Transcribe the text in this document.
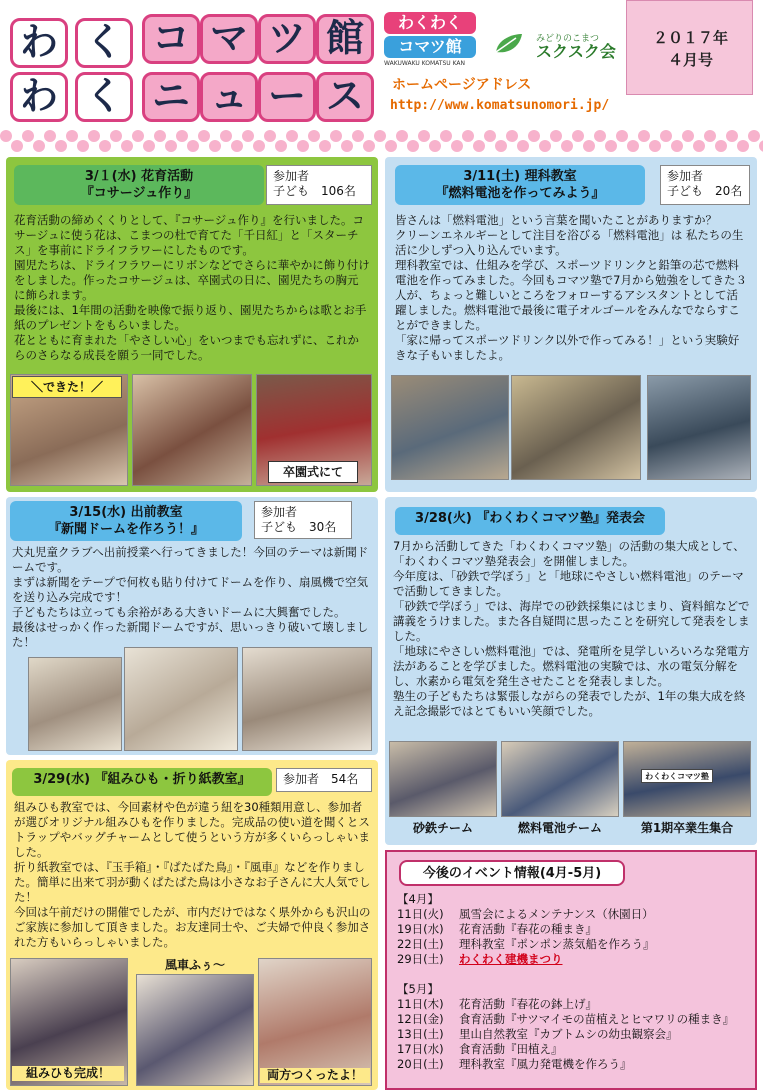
わ く コ マ ツ 館
わ く ニ ュ ー ス
わくわく
コマツ館
WAKUWAKU KOMATSU KAN
みどりのこまつ
スクスク会
ホームページアドレス
http://www.komatsunomori.jp/
２０１７年
４月号
3/１(水) 花育活動
『コサージュ作り』
参加者
子ども　106名
花育活動の締めくくりとして、『コサージュ作り』を行いました。コサージュに使う花は、こまつの杜で育てた「千日紅」と「スターチス」を事前にドライフラワーにしたものです。
園児たちは、ドライフラワーにリボンなどでさらに華やかに飾り付けをしました。作ったコサージュは、卒園式の日に、園児たちの胸元に飾られます。
最後には、1年間の活動を映像で振り返り、園児たちからは歌とお手紙のプレゼントをもらいました。
花とともに育まれた「やさしい心」をいつまでも忘れずに、これからのさらなる成長を願う一同でした。
＼できた！／
卒園式にて
3/11(土) 理科教室
『燃料電池を作ってみよう』
参加者
子ども　20名
皆さんは「燃料電池」という言葉を聞いたことがありますか？
クリーンエネルギーとして注目を浴びる「燃料電池」は 私たちの生活に少しずつ入り込んでいます。
理科教室では、仕組みを学び、スポーツドリンクと鉛筆の芯で燃料電池を作ってみました。今回もコマツ塾で7月から勉強をしてきた３人が、ちょっと難しいところをフォローするアシスタントとして活躍しました。燃料電池で最後に電子オルゴールをみんなでならすことができました。
「家に帰ってスポーツドリンク以外で作ってみる！」という実験好きな子もいましたよ。
3/15(水) 出前教室
『新聞ドームを作ろう！』
参加者
子ども　30名
犬丸児童クラブへ出前授業へ行ってきました！今回のテーマは新聞ドームです。
まずは新聞をテープで何枚も貼り付けてドームを作り、扇風機で空気を送り込み完成です！
子どもたちは立っても余裕がある大きいドームに大興奮でした。
最後はせっかく作った新聞ドームですが、思いっきり破いて壊しました！
3/28(火) 『わくわくコマツ塾』発表会
7月から活動してきた「わくわくコマツ塾」の活動の集大成として、「わくわくコマツ塾発表会」を開催しました。
今年度は、「砂鉄で学ぼう」と「地球にやさしい燃料電池」のテーマで活動してきました。
「砂鉄で学ぼう」では、海岸での砂鉄採集にはじまり、資料館などで講義をうけました。また各自疑問に思ったことを研究して発表をしました。
「地球にやさしい燃料電池」では、発電所を見学しいろいろな発電方法があることを学びました。燃料電池の実験では、水の電気分解をし、水素から電気を発生させたことを発表しました。
塾生の子どもたちは緊張しながらの発表でしたが、1年の集大成を終え記念撮影ではとてもいい笑顔でした。
わくわくコマツ塾
砂鉄チーム	燃料電池チーム	第1期卒業生集合
3/29(水) 『組みひも・折り紙教室』	参加者　54名
組みひも教室では、今回素材や色が違う紐を30種類用意し、参加者が選びオリジナル組みひもを作りました。完成品の使い道を聞くとストラップやバッグチャームとして使うという方が多くいらっしゃいました。
折り紙教室では、『玉手箱』・『ぱたぱた鳥』・『風車』などを作りました。簡単に出来て羽が動くぱたぱた鳥は小さなお子さんに大人気でした！
今回は午前だけの開催でしたが、市内だけではなく県外からも沢山のご家族に参加して頂きました。お友達同士や、ご夫婦で仲良く参加された方もいらっしゃいました。
組みひも完成！
風車ふぅ〜
両方つくったよ！
今後のイベント情報(4月-5月)
【4月】
11日(火) 風雪会によるメンテナンス（休園日）
19日(水) 花育活動『春花の種まき』
22日(土) 理科教室『ポンポン蒸気船を作ろう』
29日(土) わくわく建機まつり
【5月】
11日(木) 花育活動『春花の鉢上げ』
12日(金) 食育活動『サツマイモの苗植えとヒマワリの種まき』
13日(土) 里山自然教室『カブトムシの幼虫観察会』
17日(水) 食育活動『田植え』
20日(土) 理科教室『風力発電機を作ろう』
